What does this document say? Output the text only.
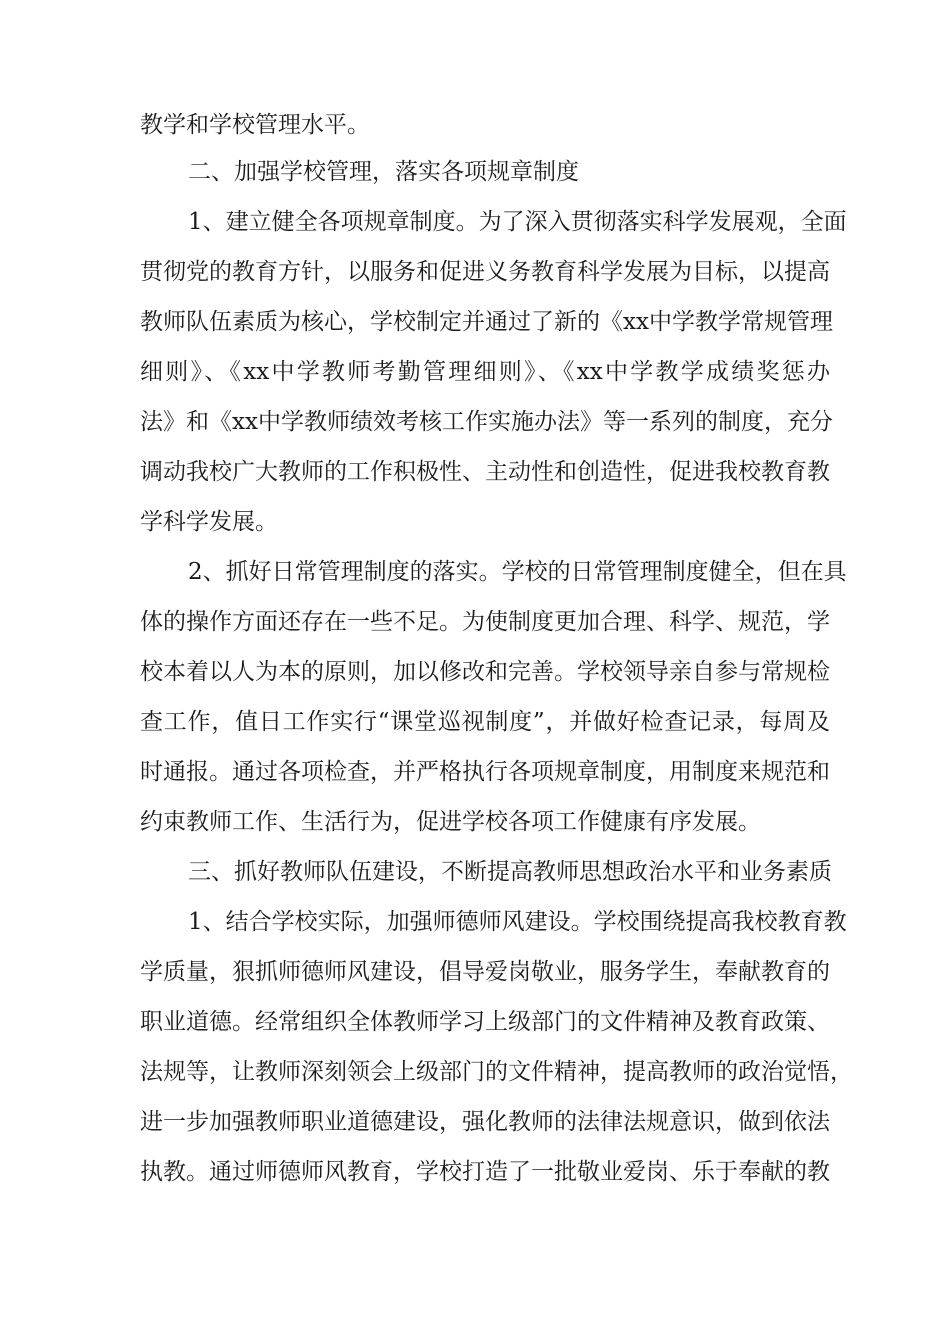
教学和学校管理水平。
二、加强学校管理，落实各项规章制度
1、建立健全各项规章制度。为了深入贯彻落实科学发展观，全面
贯彻党的教育方针，以服务和促进义务教育科学发展为目标，以提高
教师队伍素质为核心，学校制定并通过了新的《xx中学教学常规管理
细则》、《xx中学教师考勤管理细则》、《xx中学教学成绩奖惩办
法》和《xx中学教师绩效考核工作实施办法》等一系列的制度，充分
调动我校广大教师的工作积极性、主动性和创造性，促进我校教育教
学科学发展。
2、抓好日常管理制度的落实。学校的日常管理制度健全，但在具
体的操作方面还存在一些不足。为使制度更加合理、科学、规范，学
校本着以人为本的原则，加以修改和完善。学校领导亲自参与常规检
查工作，值日工作实行“课堂巡视制度”，并做好检查记录，每周及
时通报。通过各项检查，并严格执行各项规章制度，用制度来规范和
约束教师工作、生活行为，促进学校各项工作健康有序发展。
三、抓好教师队伍建设，不断提高教师思想政治水平和业务素质
1、结合学校实际，加强师德师风建设。学校围绕提高我校教育教
学质量，狠抓师德师风建设，倡导爱岗敬业，服务学生，奉献教育的
职业道德。经常组织全体教师学习上级部门的文件精神及教育政策、
法规等，让教师深刻领会上级部门的文件精神，提高教师的政治觉悟，
进一步加强教师职业道德建设，强化教师的法律法规意识，做到依法
执教。通过师德师风教育，学校打造了一批敬业爱岗、乐于奉献的教
